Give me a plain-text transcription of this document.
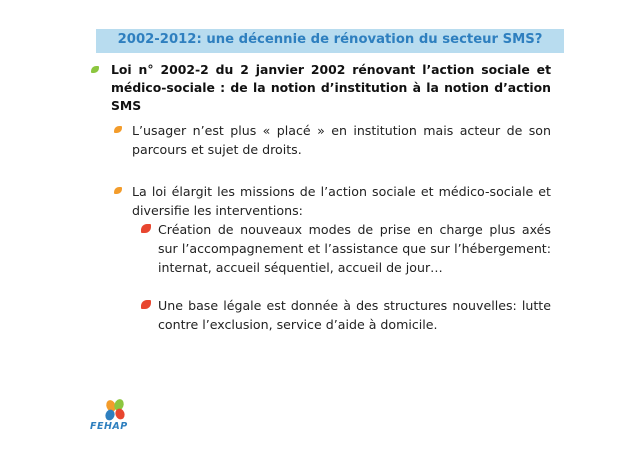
2002-2012: une décennie de rénovation du secteur SMS?
Loi n° 2002-2 du 2 janvier 2002 rénovant l’action sociale et médico-sociale : de la notion d’institution à la notion d’action SMS
L’usager n’est plus « placé » en institution mais acteur de son parcours et sujet de droits.
La loi élargit les missions de l’action sociale et médico-sociale et diversifie les interventions:
Création de nouveaux modes de prise en charge plus axés sur l’accompagnement et l’assistance que sur l’hébergement: internat, accueil séquentiel, accueil de jour…
Une base légale est donnée à des structures nouvelles: lutte contre l’exclusion, service d’aide à domicile.
FEHAP
